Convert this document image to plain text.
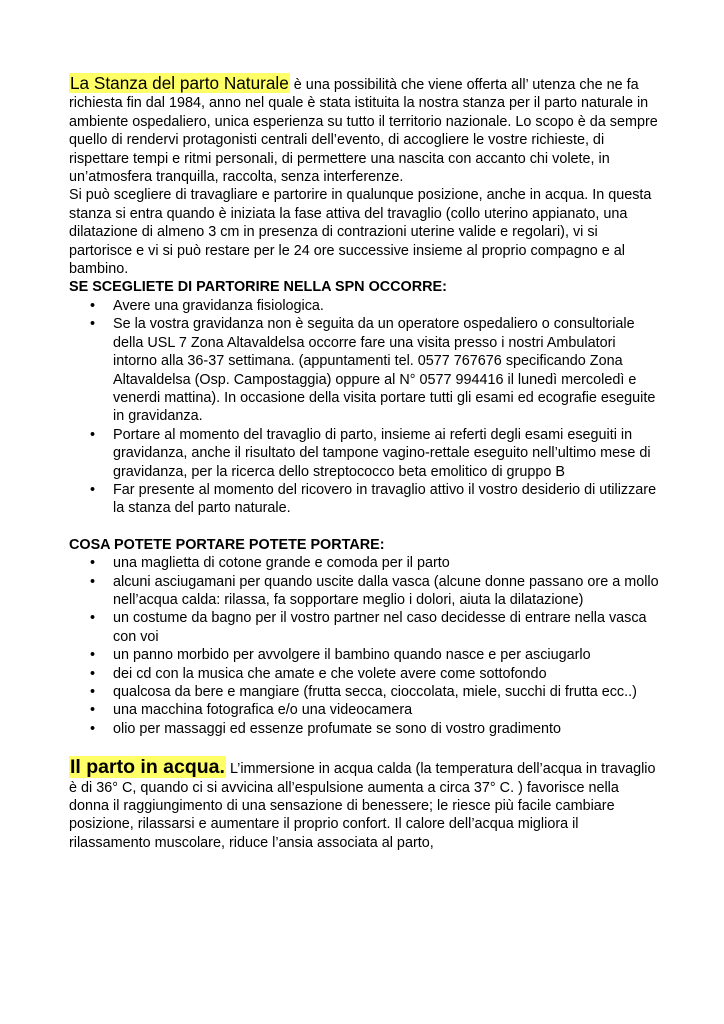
La Stanza del parto Naturale è una possibilità che viene offerta all’ utenza che ne fa richiesta fin dal 1984, anno nel quale è stata istituita la nostra stanza per il parto naturale in ambiente ospedaliero, unica esperienza su tutto il territorio nazionale. Lo scopo è da sempre quello di rendervi protagonisti centrali dell’evento, di accogliere le vostre richieste, di rispettare tempi e ritmi personali, di permettere una nascita con accanto chi volete, in un’atmosfera tranquilla, raccolta, senza interferenze.

Si può scegliere di travagliare e partorire in qualunque posizione, anche in acqua. In questa stanza si entra quando è iniziata la fase attiva del travaglio (collo uterino appianato, una dilatazione di almeno 3 cm in presenza di contrazioni uterine valide e regolari), vi si partorisce e vi si può restare per le 24 ore successive insieme al proprio compagno e al bambino.

SE SCEGLIETE DI PARTORIRE NELLA SPN OCCORRE:

• Avere una gravidanza fisiologica.
• Se la vostra gravidanza non è seguita da un operatore ospedaliero o consultoriale della USL 7 Zona Altavaldelsa occorre fare una visita presso i nostri Ambulatori intorno alla 36-37 settimana. (appuntamenti tel. 0577 767676 specificando Zona Altavaldelsa (Osp. Campostaggia) oppure al N° 0577 994416 il lunedì mercoledì e venerdi mattina). In occasione della visita portare tutti gli esami ed ecografie eseguite in gravidanza.
• Portare al momento del travaglio di parto, insieme ai referti degli esami eseguiti in gravidanza, anche il risultato del tampone vagino-rettale eseguito nell’ultimo mese di gravidanza, per la ricerca dello streptococco beta emolitico di gruppo B
• Far presente al momento del ricovero in travaglio attivo il vostro desiderio di utilizzare la stanza del parto naturale.

COSA POTETE PORTARE POTETE PORTARE:

• una maglietta di cotone grande e comoda per il parto
• alcuni asciugamani per quando uscite dalla vasca (alcune donne passano ore a mollo nell’acqua calda: rilassa, fa sopportare meglio i dolori, aiuta la dilatazione)
• un costume da bagno per il vostro partner nel caso decidesse di entrare nella vasca con voi
• un panno morbido per avvolgere il bambino quando nasce e per asciugarlo
• dei cd con la musica che amate e che volete avere come sottofondo
• qualcosa da bere e mangiare (frutta secca, cioccolata, miele, succhi di frutta ecc..)
• una macchina fotografica e/o una videocamera
• olio per massaggi ed essenze profumate se sono di vostro gradimento

Il parto in acqua. L’immersione in acqua calda (la temperatura dell’acqua in travaglio è di 36° C, quando ci si avvicina all’espulsione aumenta a circa 37° C. ) favorisce nella donna il raggiungimento di una sensazione di benessere; le riesce più facile cambiare posizione, rilassarsi e aumentare il proprio confort. Il calore dell’acqua migliora il rilassamento muscolare, riduce l’ansia associata al parto,
